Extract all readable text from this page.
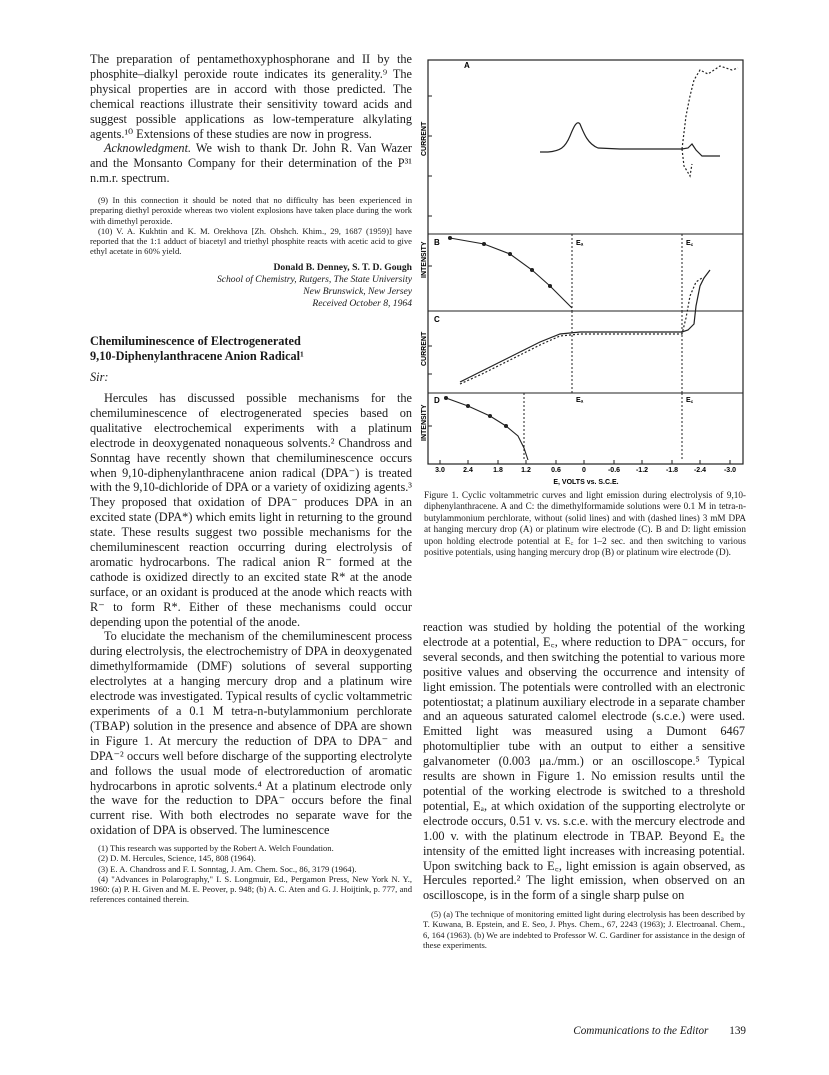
The preparation of pentamethoxyphosphorane and II by the phosphite–dialkyl peroxide route indicates its generality.⁹ The physical properties are in accord with those predicted. The chemical reactions illustrate their sensitivity toward acids and suggest possible applications as low-temperature alkylating agents.¹⁰ Extensions of these studies are now in progress.

Acknowledgment. We wish to thank Dr. John R. Van Wazer and the Monsanto Company for their determination of the P³¹ n.m.r. spectrum.

(9) In this connection it should be noted that no difficulty has been experienced in preparing diethyl peroxide whereas two violent explosions have taken place during the work with dimethyl peroxide.

(10) V. A. Kukhtin and K. M. Orekhova [Zh. Obshch. Khim., 29, 1687 (1959)] have reported that the 1:1 adduct of biacetyl and triethyl phosphite reacts with acetic acid to give ethyl acetate in 60% yield.

Donald B. Denney, S. T. D. Gough
School of Chemistry, Rutgers, The State University
New Brunswick, New Jersey
Received October 8, 1964
Chemiluminescence of Electrogenerated
9,10-Diphenylanthracene Anion Radical¹
Sir:

Hercules has discussed possible mechanisms for the chemiluminescence of electrogenerated species based on qualitative electrochemical experiments with a platinum electrode in deoxygenated nonaqueous solvents.² Chandross and Sonntag have recently shown that chemiluminescence occurs when 9,10-diphenylanthracene anion radical (DPA⁻) is treated with the 9,10-dichloride of DPA or a variety of oxidizing agents.³ They proposed that oxidation of DPA⁻ produces DPA in an excited state (DPA*) which emits light in returning to the ground state. These results suggest two possible mechanisms for the chemiluminescent reaction occurring during electrolysis of aromatic hydrocarbons. The radical anion R⁻ formed at the cathode is oxidized directly to an excited state R* at the anode surface, or an oxidant is produced at the anode which reacts with R⁻ to form R*. Either of these mechanisms could occur depending upon the potential of the anode.

To elucidate the mechanism of the chemiluminescent process during electrolysis, the electrochemistry of DPA in deoxygenated dimethylformamide (DMF) solutions of several supporting electrolytes at a hanging mercury drop and a platinum wire electrode was investigated. Typical results of cyclic voltammetric experiments of a 0.1 M tetra-n-butylammonium perchlorate (TBAP) solution in the presence and absence of DPA are shown in Figure 1. At mercury the reduction of DPA to DPA⁻ and DPA⁻² occurs well before discharge of the supporting electrolyte and follows the usual mode of electroreduction of aromatic hydrocarbons in aprotic solvents.⁴ At a platinum electrode only the wave for the reduction to DPA⁻ occurs before the final current rise. With both electrodes no separate wave for the oxidation of DPA is observed. The luminescence

(1) This research was supported by the Robert A. Welch Foundation.

(2) D. M. Hercules, Science, 145, 808 (1964).

(3) E. A. Chandross and F. I. Sonntag, J. Am. Chem. Soc., 86, 3179 (1964).

(4) "Advances in Polarography," I. S. Longmuir, Ed., Pergamon Press, New York N. Y., 1960: (a) P. H. Given and M. E. Peover, p. 948; (b) A. C. Aten and G. J. Hoijtink, p. 777, and references contained therein.

A
B
C
D
CURRENT
INTENSITY
CURRENT
INTENSITY
Eₐ	E꜀
Eₐ	E꜀
3.0	2.4	1.8	1.2	0.6	0	-0.6 -1.2	-1.8 -2.4	-3.0
E, VOLTS vs. S.C.E.
Figure 1. Cyclic voltammetric curves and light emission during electrolysis of 9,10-diphenylanthracene. A and C: the dimethylformamide solutions were 0.1 M in tetra-n-butylammonium perchlorate, without (solid lines) and with (dashed lines) 3 mM DPA at hanging mercury drop (A) or platinum wire electrode (C). B and D: light emission upon holding electrode potential at E꜀ for 1–2 sec. and then switching to various positive potentials, using hanging mercury drop (B) or platinum wire electrode (D).

reaction was studied by holding the potential of the working electrode at a potential, E꜀, where reduction to DPA⁻ occurs, for several seconds, and then switching the potential to various more positive values and observing the occurrence and intensity of light emission. The potentials were controlled with an electronic potentiostat; a platinum auxiliary electrode in a separate chamber and an aqueous saturated calomel electrode (s.c.e.) were used. Emitted light was measured using a Dumont 6467 photomultiplier tube with an output to either a sensitive galvanometer (0.003 μa./mm.) or an oscilloscope.⁵ Typical results are shown in Figure 1. No emission results until the potential of the working electrode is switched to a threshold potential, Eₐ, at which oxidation of the supporting electrolyte or electrode occurs, 0.51 v. vs. s.c.e. with the mercury electrode and 1.00 v. with the platinum electrode in TBAP. Beyond Eₐ the intensity of the emitted light increases with increasing potential. Upon switching back to E꜀, light emission is again observed, as Hercules reported.² The light emission, when observed on an oscilloscope, is in the form of a single sharp pulse on

(5) (a) The technique of monitoring emitted light during electrolysis has been described by T. Kuwana, B. Epstein, and E. Seo, J. Phys. Chem., 67, 2243 (1963); J. Electroanal. Chem., 6, 164 (1963). (b) We are indebted to Professor W. C. Gardiner for assistance in the design of these experiments.

Communications to the Editor 139
